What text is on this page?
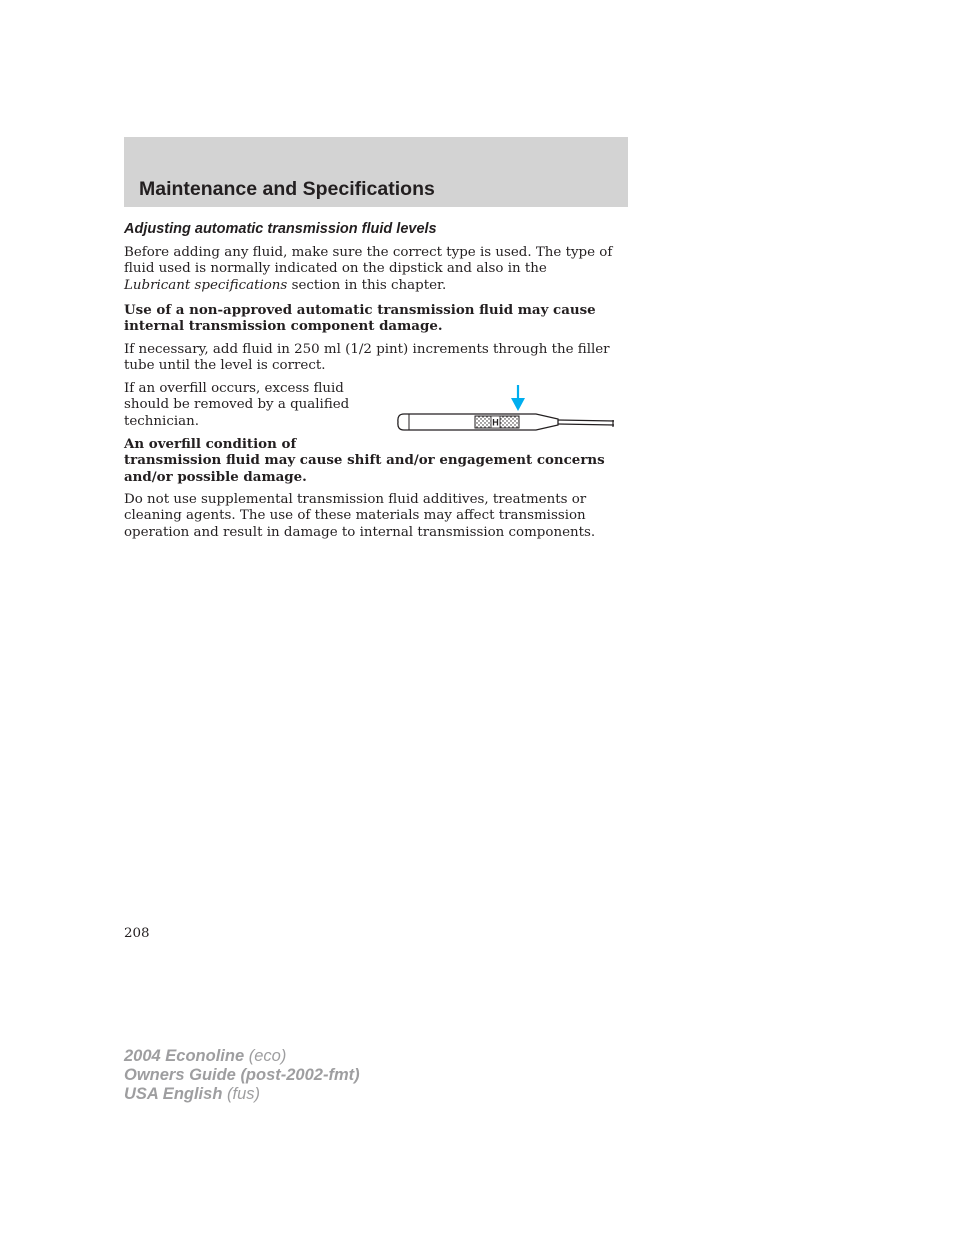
Maintenance and Specifications
Adjusting automatic transmission fluid levels

Before adding any fluid, make sure the correct type is used. The type of
fluid used is normally indicated on the dipstick and also in the
Lubricant specifications section in this chapter.

Use of a non-approved automatic transmission fluid may cause
internal transmission component damage.

If necessary, add fluid in 250 ml (1/2 pint) increments through the filler
tube until the level is correct.

If an overfill occurs, excess fluid
should be removed by a qualified
technician.	H

An overfill condition of
transmission fluid may cause shift and/or engagement concerns
and/or possible damage.

Do not use supplemental transmission fluid additives, treatments or
cleaning agents. The use of these materials may affect transmission
operation and result in damage to internal transmission components.

208
2004 Econoline (eco)
Owners Guide (post-2002-fmt)
USA English (fus)
